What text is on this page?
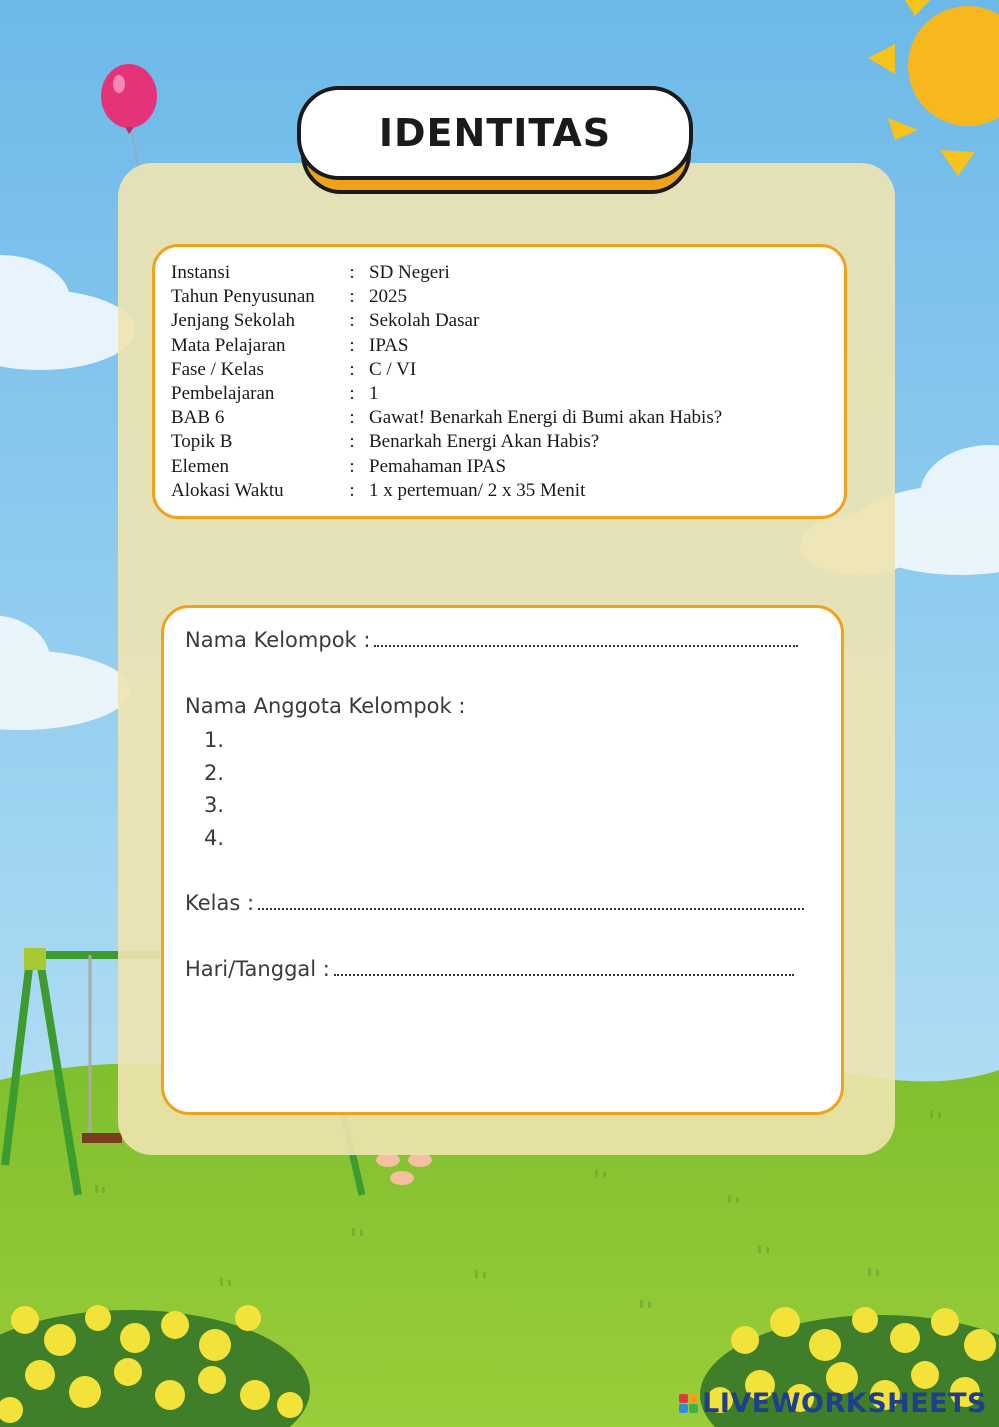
IDENTITAS
Instansi	:	SD Negeri
Tahun Penyusunan	:	2025
Jenjang Sekolah	:	Sekolah Dasar
Mata Pelajaran	:	IPAS
Fase / Kelas	:	C / VI
Pembelajaran	:	1
BAB 6	:	Gawat! Benarkah Energi di Bumi akan Habis?
Topik B	:	Benarkah Energi Akan Habis?
Elemen	:	Pemahaman IPAS
Alokasi Waktu	:	1 x pertemuan/ 2 x 35 Menit
Nama Kelompok :
Nama Anggota Kelompok :
1.
2.
3.
4.
Kelas :
Hari/Tanggal :
LIVEWORKSHEETS
